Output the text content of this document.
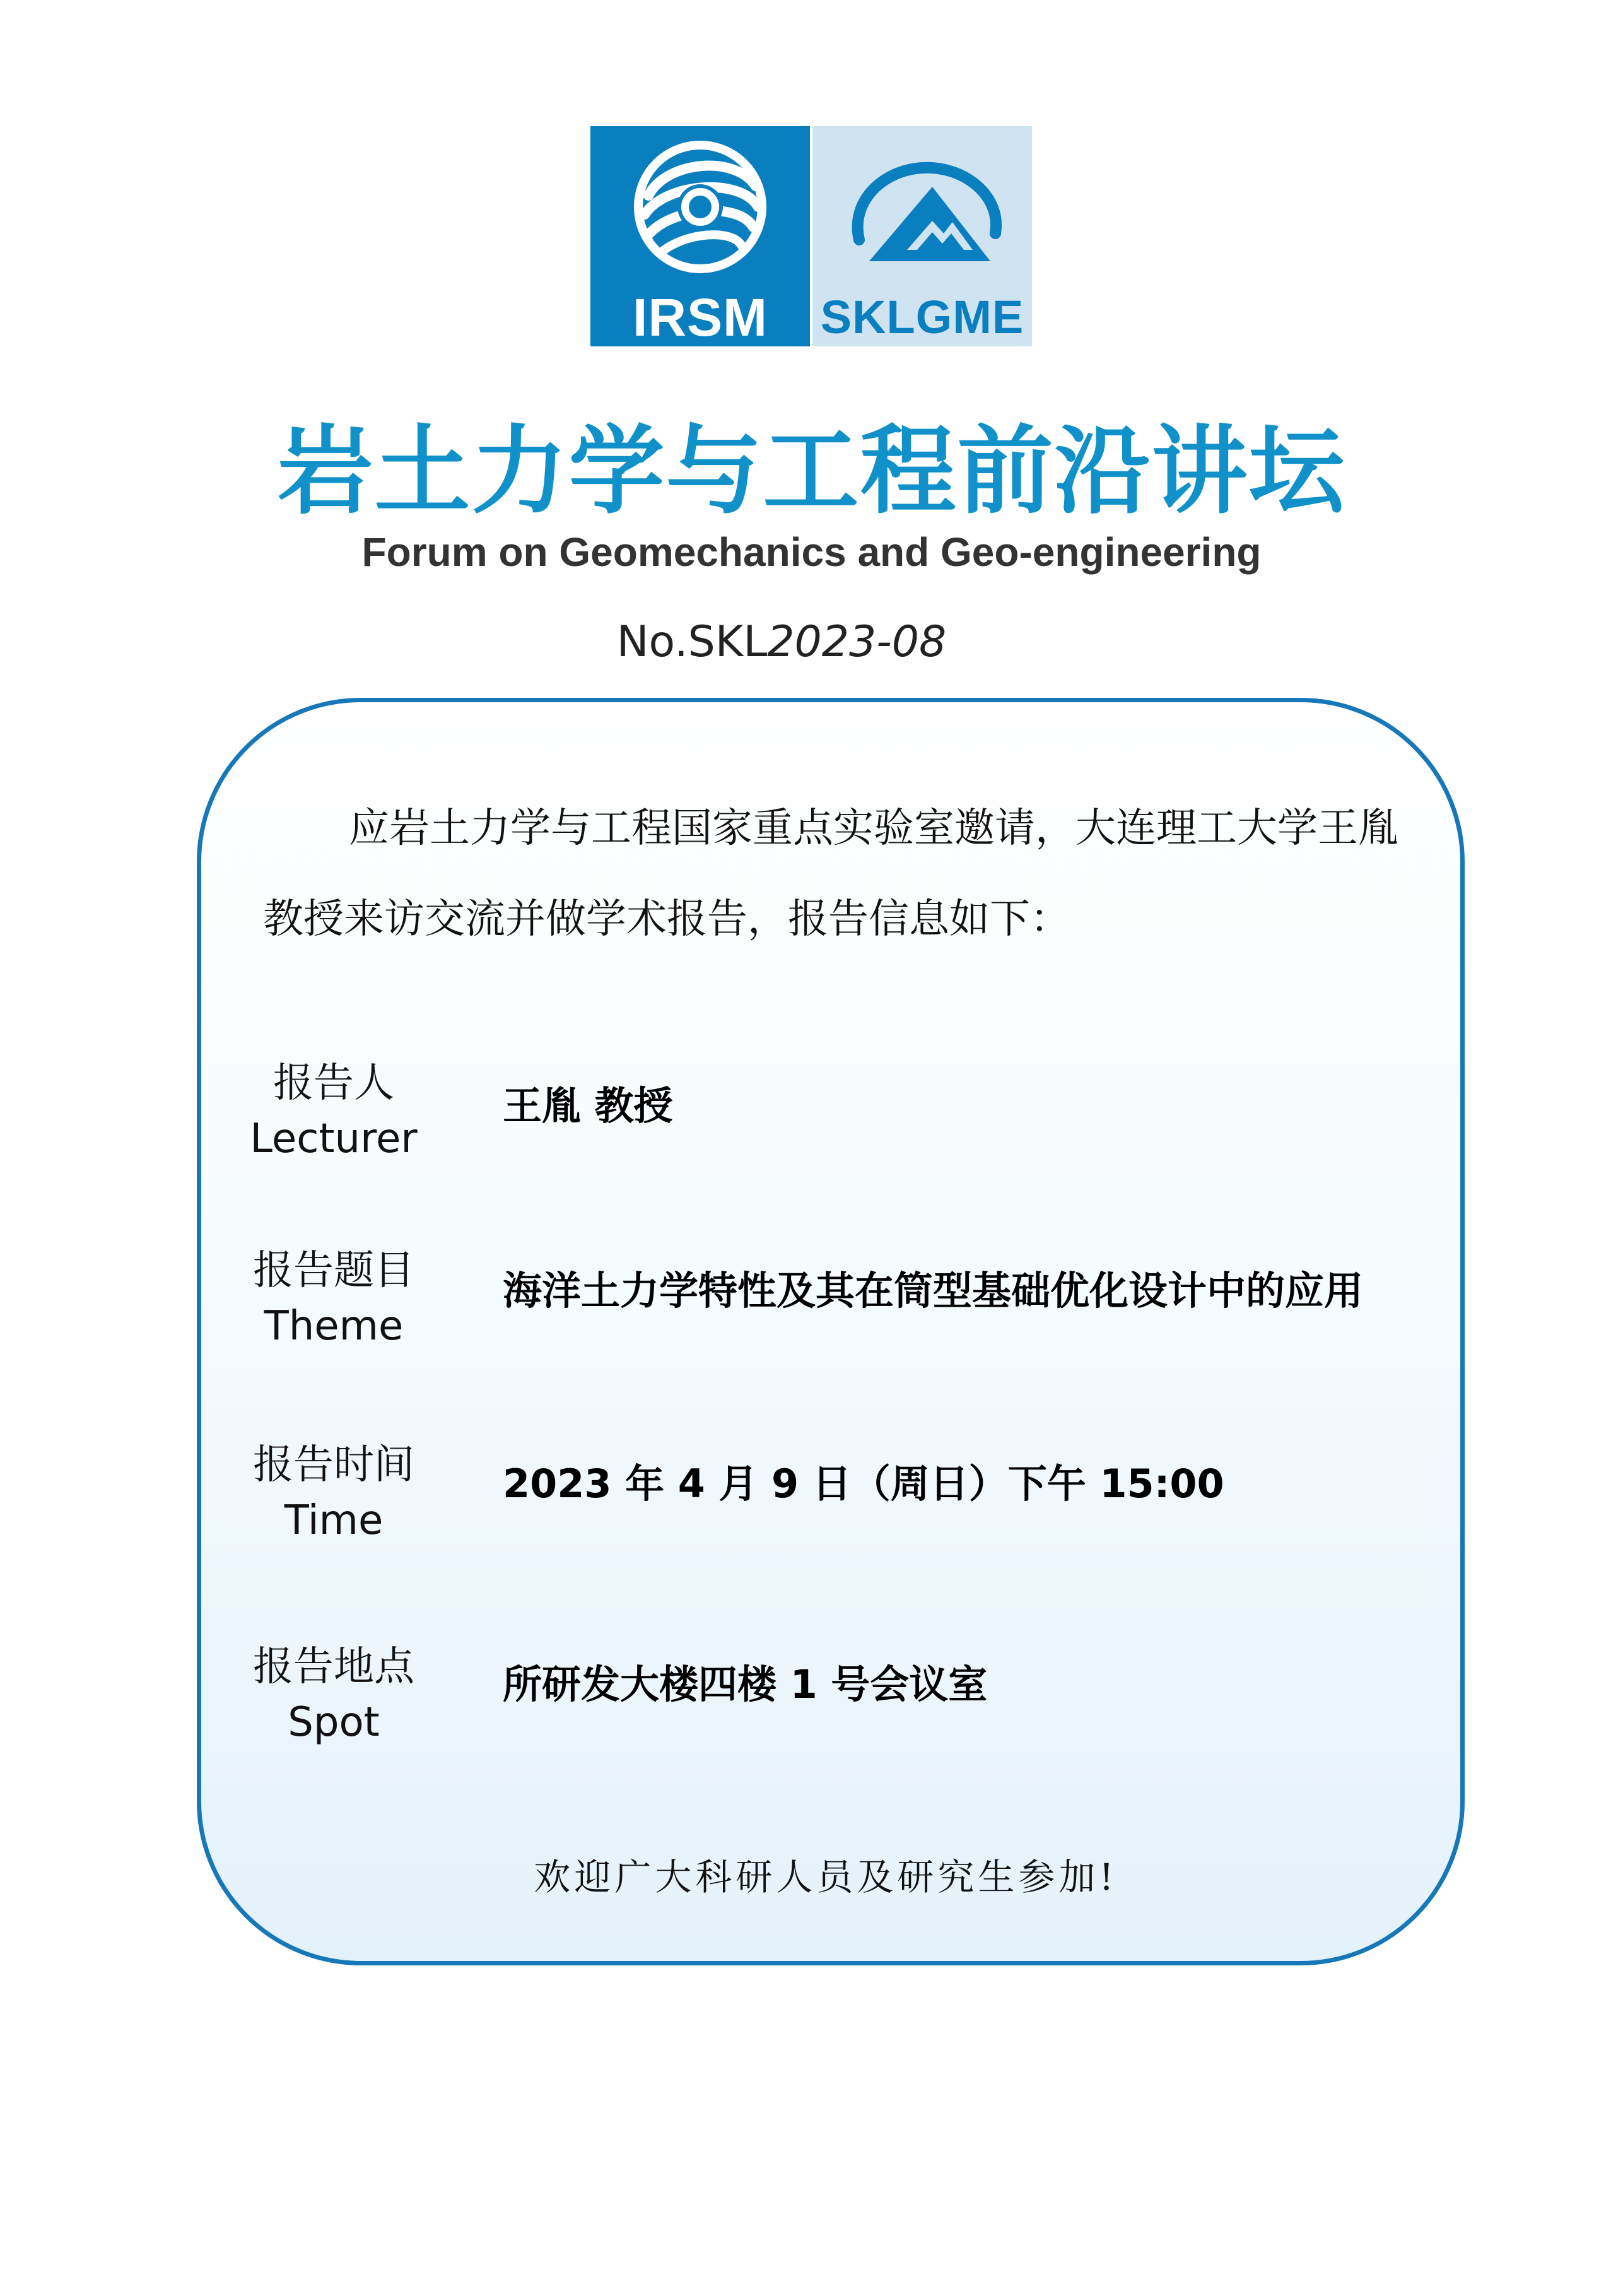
IRSM	SKLGME
岩土力学与工程前沿讲坛
Forum on Geomechanics and Geo-engineering
No.SKL2023-08
应岩土力学与工程国家重点实验室邀请，大连理工大学王胤教授来访交流并做学术报告，报告信息如下：
报告人
Lecturer
王胤 教授
报告题目
Theme
海洋土力学特性及其在筒型基础优化设计中的应用
报告时间
Time
2023 年 4 月 9 日（周日）下午 15:00
报告地点
Spot
所研发大楼四楼 1 号会议室
欢迎广大科研人员及研究生参加!
